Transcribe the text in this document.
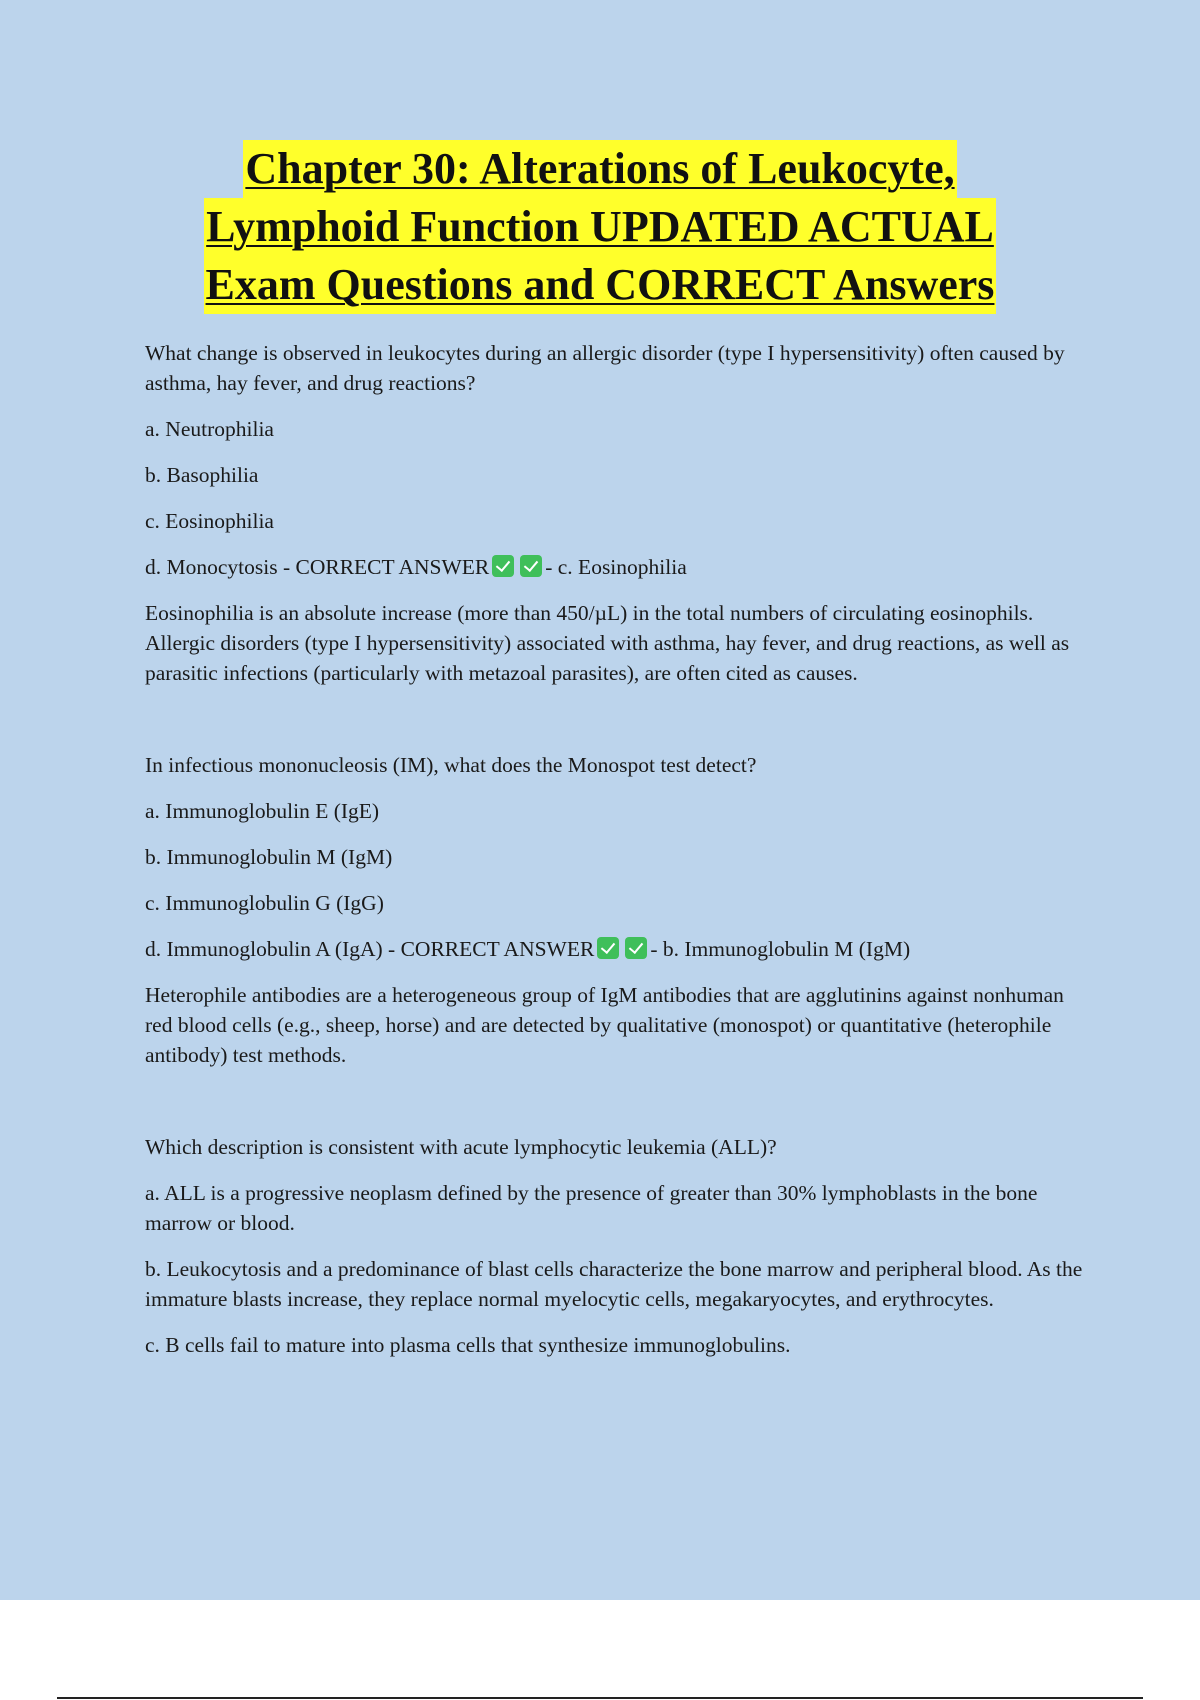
Chapter 30: Alterations of Leukocyte,
Lymphoid Function UPDATED ACTUAL
Exam Questions and CORRECT Answers

What change is observed in leukocytes during an allergic disorder (type I hypersensitivity) often caused by asthma, hay fever, and drug reactions?

a. Neutrophilia

b. Basophilia

c. Eosinophilia

d. Monocytosis - CORRECT ANSWER	- c. Eosinophilia

Eosinophilia is an absolute increase (more than 450/µL) in the total numbers of circulating eosinophils. Allergic disorders (type I hypersensitivity) associated with asthma, hay fever, and drug reactions, as well as parasitic infections (particularly with metazoal parasites), are often cited as causes.

In infectious mononucleosis (IM), what does the Monospot test detect?

a. Immunoglobulin E (IgE)

b. Immunoglobulin M (IgM)

c. Immunoglobulin G (IgG)

d. Immunoglobulin A (IgA) - CORRECT ANSWER	- b. Immunoglobulin M (IgM)

Heterophile antibodies are a heterogeneous group of IgM antibodies that are agglutinins against nonhuman red blood cells (e.g., sheep, horse) and are detected by qualitative (monospot) or quantitative (heterophile antibody) test methods.

Which description is consistent with acute lymphocytic leukemia (ALL)?

a. ALL is a progressive neoplasm defined by the presence of greater than 30% lymphoblasts in the bone marrow or blood.

b. Leukocytosis and a predominance of blast cells characterize the bone marrow and peripheral blood. As the immature blasts increase, they replace normal myelocytic cells, megakaryocytes, and erythrocytes.

c. B cells fail to mature into plasma cells that synthesize immunoglobulins.
